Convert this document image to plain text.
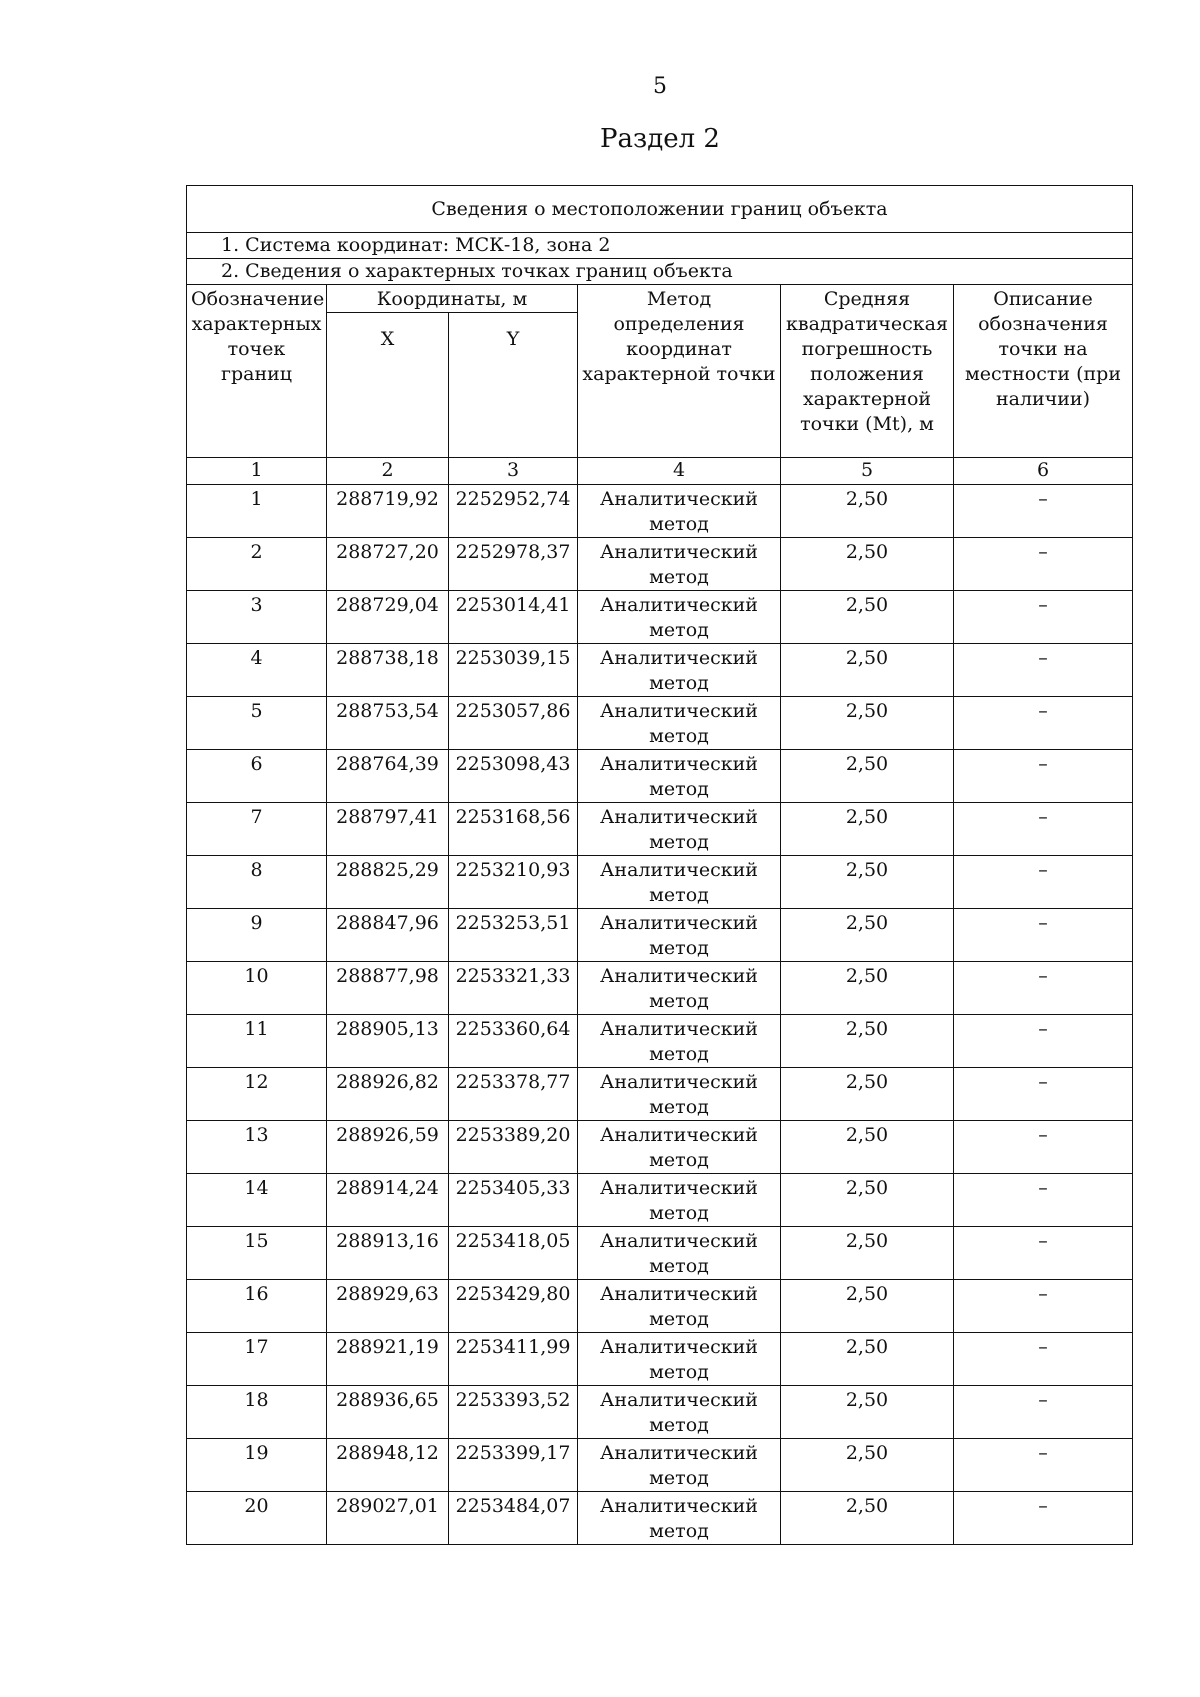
5
Раздел 2
Сведения о местоположении границ объекта					
1. Система координат: МСК-18, зона 2					
2. Сведения о характерных точках границ объекта					
Обозначение характерных точек границ	Координаты, м		Метод определения координат характерной точки	Средняя квадратическая погрешность положения характерной точки (Mt), м	Описание обозначения точки на местности (при наличии)
	X	Y			
1	2	3	4	5	6
1	288719,92	2252952,74	Аналитический метод	2,50	–
2	288727,20	2252978,37	Аналитический метод	2,50	–
3	288729,04	2253014,41	Аналитический метод	2,50	–
4	288738,18	2253039,15	Аналитический метод	2,50	–
5	288753,54	2253057,86	Аналитический метод	2,50	–
6	288764,39	2253098,43	Аналитический метод	2,50	–
7	288797,41	2253168,56	Аналитический метод	2,50	–
8	288825,29	2253210,93	Аналитический метод	2,50	–
9	288847,96	2253253,51	Аналитический метод	2,50	–
10	288877,98	2253321,33	Аналитический метод	2,50	–
11	288905,13	2253360,64	Аналитический метод	2,50	–
12	288926,82	2253378,77	Аналитический метод	2,50	–
13	288926,59	2253389,20	Аналитический метод	2,50	–
14	288914,24	2253405,33	Аналитический метод	2,50	–
15	288913,16	2253418,05	Аналитический метод	2,50	–
16	288929,63	2253429,80	Аналитический метод	2,50	–
17	288921,19	2253411,99	Аналитический метод	2,50	–
18	288936,65	2253393,52	Аналитический метод	2,50	–
19	288948,12	2253399,17	Аналитический метод	2,50	–
20	289027,01	2253484,07	Аналитический метод	2,50	–
